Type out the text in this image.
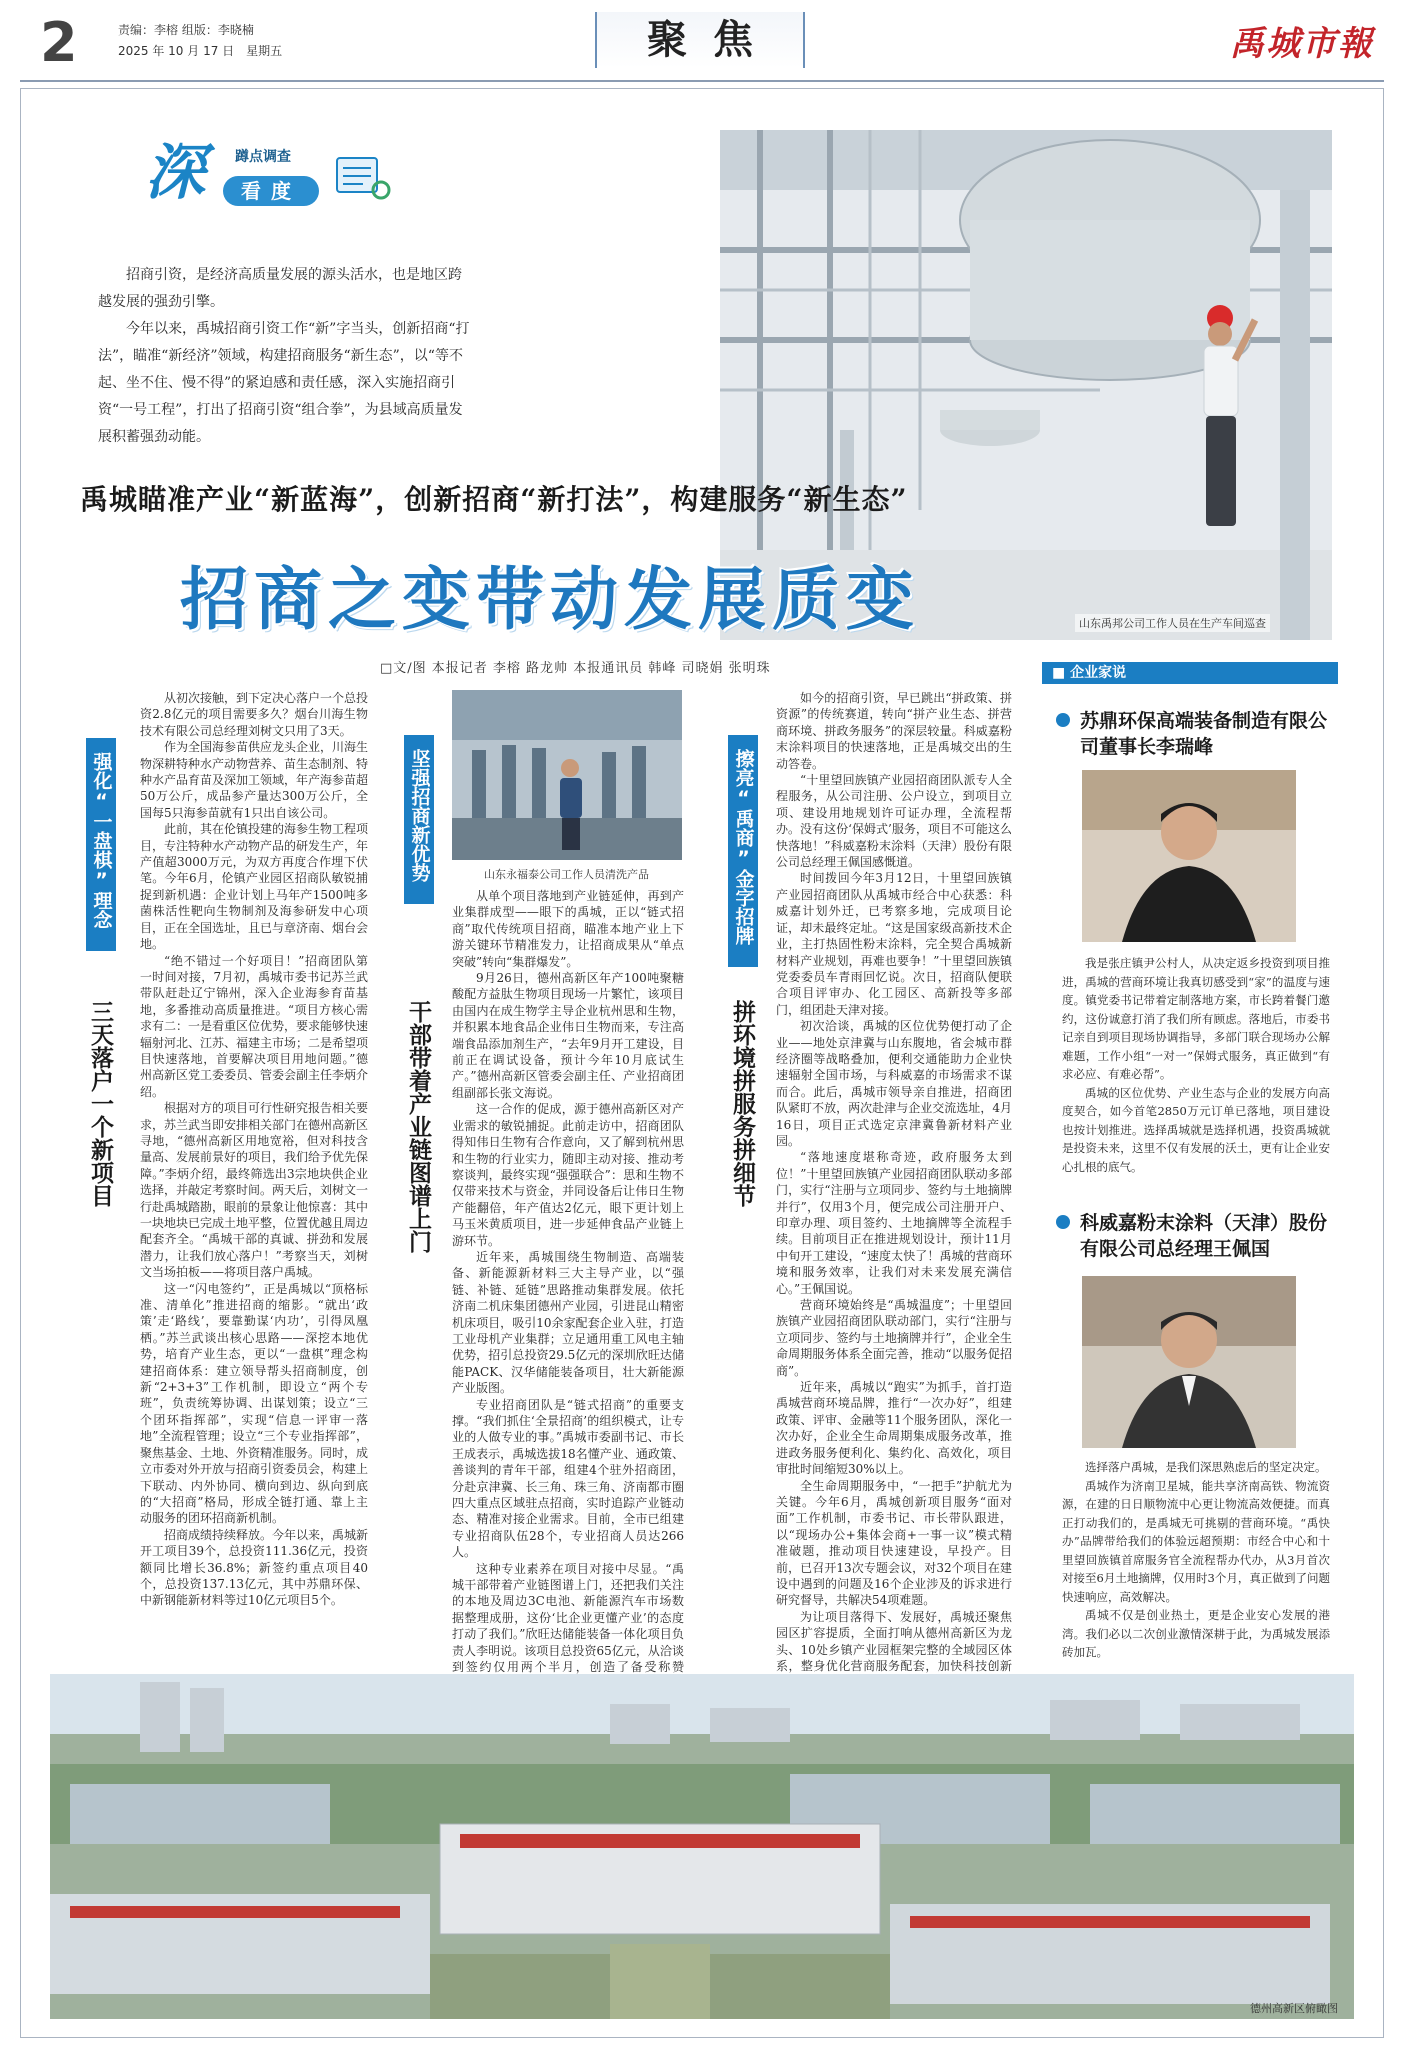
2	责编：李榕 组版：李晓楠
2025 年 10 月 17 日　星期五	聚焦	禹城市報
深 蹲点调查
看度

招商引资，是经济高质量发展的源头活水，也是地区跨越发展的强劲引擎。

今年以来，禹城招商引资工作“新”字当头，创新招商“打法”，瞄准“新经济”领域，构建招商服务“新生态”，以“等不起、坐不住、慢不得”的紧迫感和责任感，深入实施招商引资“一号工程”，打出了招商引资“组合拳”，为县域高质量发展积蓄强劲动能。

山东禹邦公司工作人员在生产车间巡查
禹城瞄准产业“新蓝海”，创新招商“新打法”，构建服务“新生态”
招商之变带动发展质变
□文/图 本报记者 李榕 路龙帅 本报通讯员 韩峰 司晓娟 张明珠
强化“一盘棋”理念
三天落户一个新项目

从初次接触，到下定决心落户一个总投资2.8亿元的项目需要多久？烟台川海生物技术有限公司总经理刘树文只用了3天。

作为全国海参苗供应龙头企业，川海生物深耕特种水产动物营养、苗生态制剂、特种水产品育苗及深加工领域，年产海参苗超50万公斤，成品参产量达300万公斤，全国每5只海参苗就有1只出自该公司。

此前，其在伦镇投建的海参生物工程项目，专注特种水产动物产品的研发生产，年产值超3000万元，为双方再度合作埋下伏笔。今年6月，伦镇产业园区招商队敏锐捕捉到新机遇：企业计划上马年产1500吨多菌株活性靶向生物制剂及海参研发中心项目，正在全国选址，且已与章济南、烟台会地。

“绝不错过一个好项目！”招商团队第一时间对接，7月初，禹城市委书记苏兰武带队赶赴辽宁锦州，深入企业海参育苗基地，多番推动高质量推进。“项目方核心需求有二：一是看重区位优势，要求能够快速辐射河北、江苏、福建主市场；二是希望项目快速落地，首要解决项目用地问题。”德州高新区党工委委员、管委会副主任李炳介绍。

根据对方的项目可行性研究报告相关要求，苏兰武当即安排相关部门在德州高新区寻地，“德州高新区用地宽裕，但对科技含量高、发展前景好的项目，我们给予优先保障。”李炳介绍，最终筛选出3宗地块供企业选择，并敲定考察时间。两天后，刘树文一行赴禹城踏勘，眼前的景象让他惊喜：其中一块地块已完成土地平整，位置优越且周边配套齐全。“禹城干部的真诚、拼劲和发展潜力，让我们放心落户！”考察当天，刘树文当场拍板——将项目落户禹城。

这一“闪电签约”，正是禹城以“顶格标准、清单化”推进招商的缩影。“就出‘政策’走‘路线’，要靠勤谋‘内功’，引得凤凰栖。”苏兰武谈出核心思路——深挖本地优势，培育产业生态，更以“一盘棋”理念构建招商体系：建立领导帮头招商制度，创新“2+3+3”工作机制，即设立“两个专班”，负责统筹协调、出谋划策；设立“三个团环指挥部”，实现“信息一评审一落地”全流程管理；设立“三个专业指挥部”，聚焦基金、土地、外资精准服务。同时，成立市委对外开放与招商引资委员会，构建上下联动、内外协同、横向到边、纵向到底的“大招商”格局，形成全链打通、靠上主动服务的团环招商新机制。

招商成绩持续释放。今年以来，禹城新开工项目39个，总投资111.36亿元，投资额同比增长36.8%；新签约重点项目40个，总投资137.13亿元，其中苏鼎环保、中新钢能新材料等过10亿元项目5个。

坚强招商新优势
干部带着产业链图谱上门
山东永福泰公司工作人员清洗产品

从单个项目落地到产业链延伸，再到产业集群成型——眼下的禹城，正以“链式招商”取代传统项目招商，瞄准本地产业上下游关键环节精准发力，让招商成果从“单点突破”转向“集群爆发”。

9月26日，德州高新区年产100吨聚糖酸配方益肽生物项目现场一片繁忙，该项目由国内在成生物学主导企业杭州思和生物，并积累本地食品企业伟日生物而来，专注高端食品添加剂生产，“去年9月开工建设，目前正在调试设备，预计今年10月底试生产。”德州高新区管委会副主任、产业招商团组副部长张文海说。

这一合作的促成，源于德州高新区对产业需求的敏锐捕捉。此前走访中，招商团队得知伟日生物有合作意向，又了解到杭州思和生物的行业实力，随即主动对接、推动考察谈判，最终实现“强强联合”：思和生物不仅带来技术与资金，并同设备后让伟日生物产能翻倍，年产值达2亿元，眼下更计划上马玉米黄质项目，进一步延伸食品产业链上游环节。

近年来，禹城围绕生物制造、高端装备、新能源新材料三大主导产业，以“强链、补链、延链”思路推动集群发展。依托济南二机床集团德州产业园，引进昆山精密机床项目，吸引10余家配套企业入驻，打造工业母机产业集群；立足通用重工风电主轴优势，招引总投资29.5亿元的深圳欣旺达储能PACK、汉华储能装备项目，壮大新能源产业版图。

专业招商团队是“链式招商”的重要支撑。“我们抓住‘全景招商’的组织模式，让专业的人做专业的事。”禹城市委副书记、市长王成表示，禹城选拔18名懂产业、通政策、善谈判的青年干部，组建4个驻外招商团，分赴京津冀、长三角、珠三角、济南都市圈四大重点区域驻点招商，实时追踪产业链动态、精准对接企业需求。目前，全市已组建专业招商队伍28个，专业招商人员达266人。

这种专业素养在项目对接中尽显。“禹城干部带着产业链图谱上门，还把我们关注的本地及周边3C电池、新能源汽车市场数据整理成册，这份‘比企业更懂产业’的态度打动了我们。”欣旺达储能装备一体化项目负责人李明说。该项目总投资65亿元，从洽谈到签约仅用两个半月，创造了备受称赞

擦亮“禹商”金字招牌
拼环境拼服务拼细节

如今的招商引资，早已跳出“拼政策、拼资源”的传统赛道，转向“拼产业生态、拼营商环境、拼政务服务”的深层较量。科威嘉粉末涂料项目的快速落地，正是禹城交出的生动答卷。

“十里望回族镇产业园招商团队派专人全程服务，从公司注册、公户设立，到项目立项、建设用地规划许可证办理，全流程帮办。没有这份‘保姆式’服务，项目不可能这么快落地！”科威嘉粉末涂料（天津）股份有限公司总经理王佩国感慨道。

时间拨回今年3月12日，十里望回族镇产业园招商团队从禹城市经合中心获悉：科威嘉计划外迁，已考察多地，完成项目论证，却未最终定址。“这是国家级高新技术企业，主打热固性粉末涂料，完全契合禹城新材料产业规划，再难也要争！”十里望回族镇党委委员车青雨回忆说。次日，招商队便联合项目评审办、化工园区、高新投等多部门，组团赴天津对接。

初次洽谈，禹城的区位优势便打动了企业——地处京津冀与山东腹地，省会城市群经济圈等战略叠加，便利交通能助力企业快速辐射全国市场，与科威嘉的市场需求不谋而合。此后，禹城市领导亲自推进，招商团队紧盯不放，两次赴津与企业交流选址，4月16日，项目正式选定京津冀鲁新材料产业园。

“落地速度堪称奇迹，政府服务太到位！”十里望回族镇产业园招商团队联动多部门，实行“注册与立项同步、签约与土地摘牌并行”，仅用3个月，便完成公司注册开户、印章办理、项目签约、土地摘牌等全流程手续。目前项目正在推进规划设计，预计11月中旬开工建设，“速度太快了！禹城的营商环境和服务效率，让我们对未来发展充满信心。”王佩国说。

营商环境始终是“禹城温度”；十里望回族镇产业园招商团队联动部门，实行“注册与立项同步、签约与土地摘牌并行”，企业全生命周期服务体系全面完善，推动“以服务促招商”。

近年来，禹城以“跑实”为抓手，首打造禹城营商环境品牌，推行“一次办好”，组建政策、评审、金融等11个服务团队，深化一次办好，企业全生命周期集成服务改革，推进政务服务便利化、集约化、高效化，项目审批时间缩短30%以上。

全生命周期服务中，“一把手”护航尤为关键。今年6月，禹城创新项目服务“面对面”工作机制，市委书记、市长带队跟进，以“现场办公+集体会商+一事一议”模式精准破题，推动项目快速建设，早投产。目前，已召开13次专题会议，对32个项目在建设中遇到的问题及16个企业涉及的诉求进行研究督导，共解决54项难题。

为让项目落得下、发展好，禹城还聚焦园区扩容提质，全面打响从德州高新区为龙头、10处乡镇产业园框架完整的全域园区体系，整身优化营商服务配套，加快科技创新

■ 企业家说
苏鼎环保高端装备制造有限公司董事长李瑞峰

我是张庄镇尹公村人，从决定返乡投资到项目推进，禹城的营商环境让我真切感受到“家”的温度与速度。镇党委书记带着定制落地方案，市长跨着餐门邀约，这份诚意打消了我们所有顾虑。落地后，市委书记亲自到项目现场协调指导，多部门联合现场办公解难题，工作小组“一对一”保姆式服务，真正做到“有求必应、有难必帮”。

禹城的区位优势、产业生态与企业的发展方向高度契合，如今首笔2850万元订单已落地，项目建设也按计划推进。选择禹城就是选择机遇，投资禹城就是投资未来，这里不仅有发展的沃土，更有让企业安心扎根的底气。

科威嘉粉末涂料（天津）股份有限公司总经理王佩国

选择落户禹城，是我们深思熟虑后的坚定决定。

禹城作为济南卫星城，能共享济南高铁、物流资源，在建的日日顺物流中心更让物流高效便捷。而真正打动我们的，是禹城无可挑剔的营商环境。“禹快办”品牌带给我们的体验远超预期：市经合中心和十里望回族镇首席服务官全流程帮办代办，从3月首次对接至6月土地摘牌，仅用时3个月，真正做到了问题快速响应，高效解决。

禹城不仅是创业热土，更是企业安心发展的港湾。我们必以二次创业激情深耕于此，为禹城发展添砖加瓦。

德州高新区俯瞰图
